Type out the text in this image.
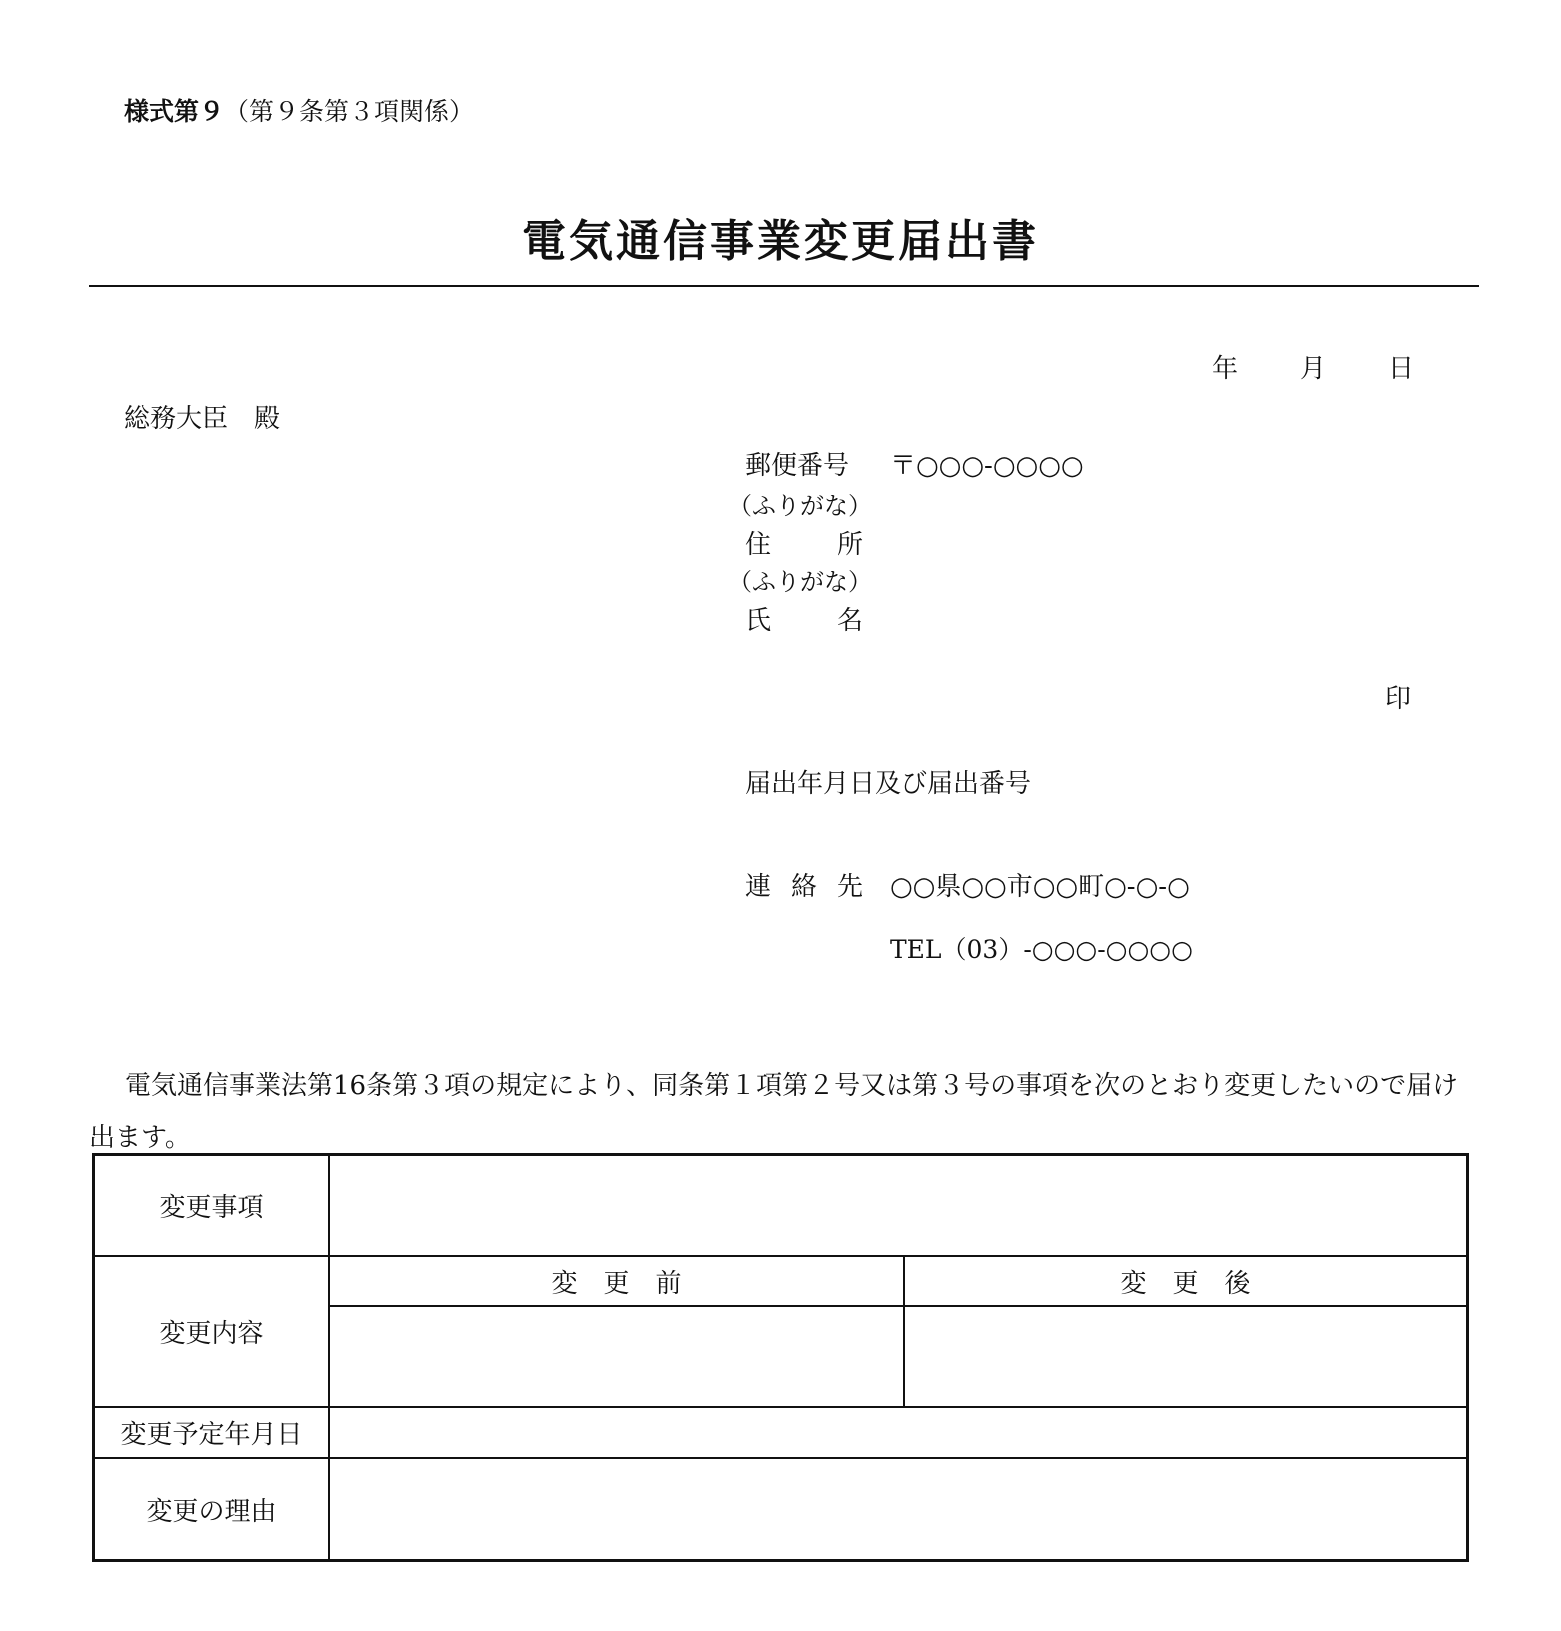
様式第９（第９条第３項関係）
電気通信事業変更届出書
年 月 日
総務大臣　殿
郵便番号 〒○○○-○○○○
（ふりがな）
住	所
（ふりがな）
氏	名
印
届出年月日及び届出番号
連 絡 先 ○○県○○市○○町○-○-○
TEL（03）-○○○-○○○○
電気通信事業法第16条第３項の規定により、同条第１項第２号又は第３号の事項を次のとおり変更したいので届け出ます。
変更事項
変更内容
変　更　前	変　更　後
変更予定年月日
変更の理由
